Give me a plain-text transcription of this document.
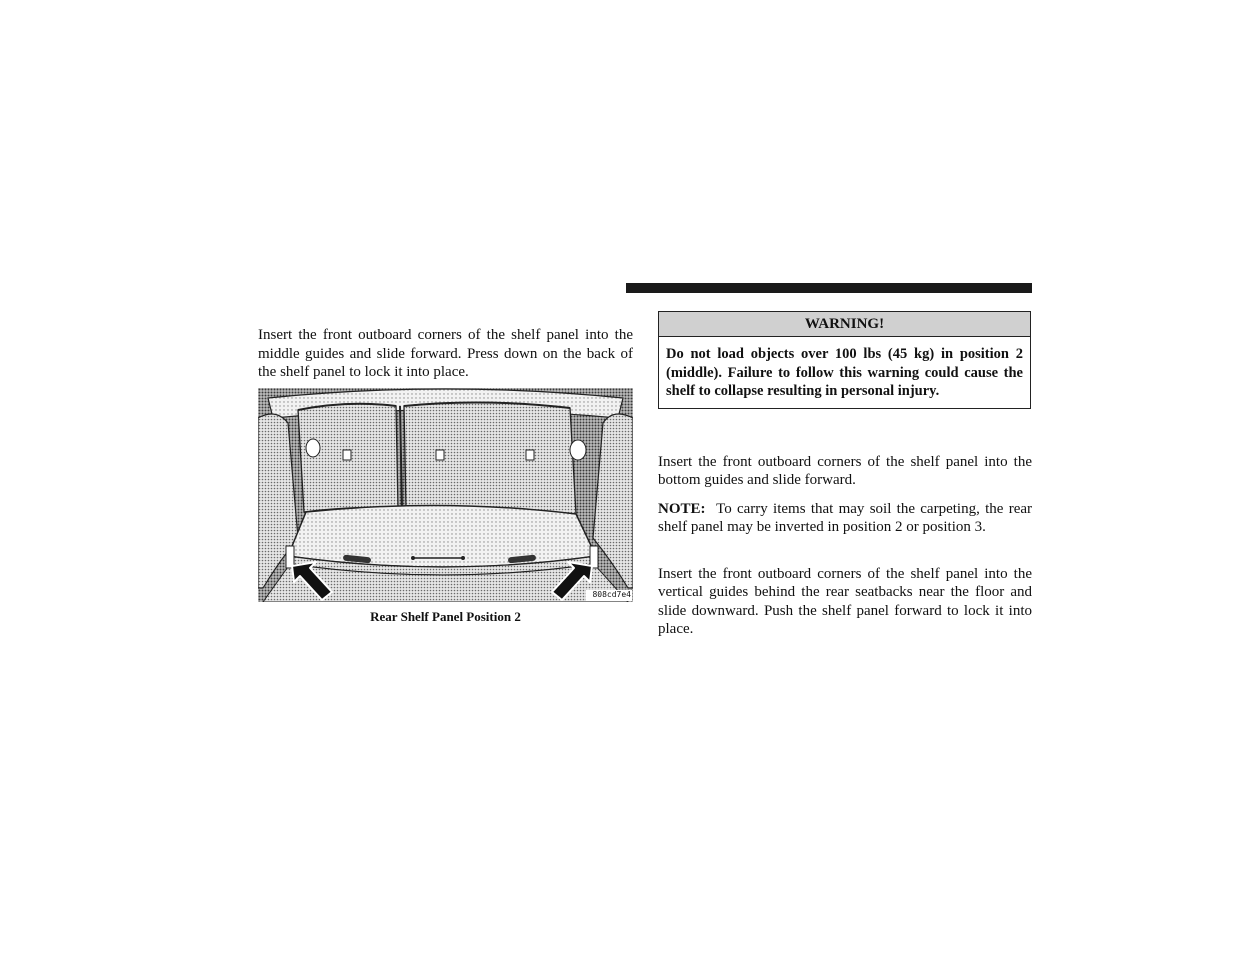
Insert the front outboard corners of the shelf panel into the middle guides and slide forward. Press down on the back of the shelf panel to lock it into place.

808cd7e4
Rear Shelf Panel Position 2
WARNING!
Do not load objects over 100 lbs (45 kg) in position 2 (middle). Failure to follow this warning could cause the shelf to collapse resulting in personal injury.

Insert the front outboard corners of the shelf panel into the bottom guides and slide forward.

NOTE: To carry items that may soil the carpeting, the rear shelf panel may be inverted in position 2 or position 3.

Insert the front outboard corners of the shelf panel into the vertical guides behind the rear seatbacks near the floor and slide downward. Push the shelf panel forward to lock it into place.
